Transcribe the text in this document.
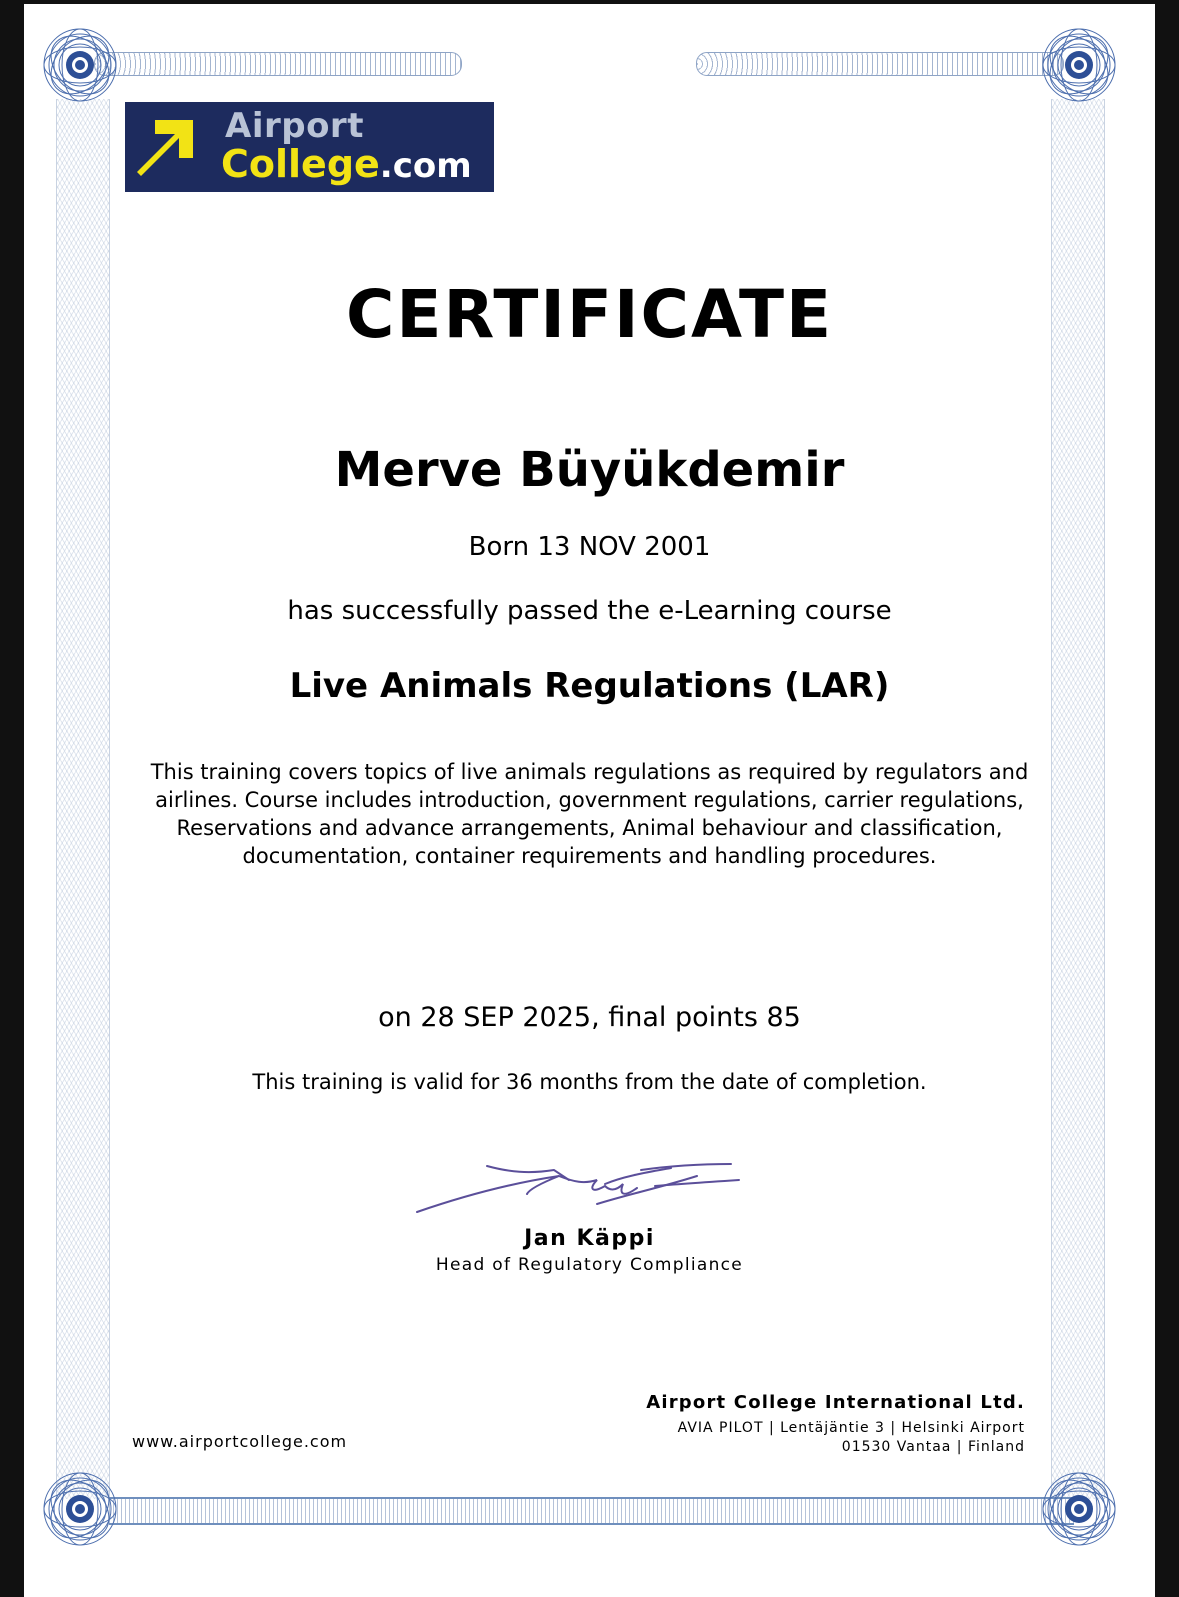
Airport
College.com
CERTIFICATE
Merve Büyükdemir
Born 13 NOV 2001
has successfully passed the e-Learning course
Live Animals Regulations (LAR)
This training covers topics of live animals regulations as required by regulators and airlines. Course includes introduction, government regulations, carrier regulations, Reservations and advance arrangements, Animal behaviour and classification, documentation, container requirements and handling procedures.
on 28 SEP 2025, final points 85
This training is valid for 36 months from the date of completion.
Jan Käppi
Head of Regulatory Compliance
www.airportcollege.com
Airport College International Ltd.
AVIA PILOT | Lentäjäntie 3 | Helsinki Airport
01530 Vantaa | Finland
